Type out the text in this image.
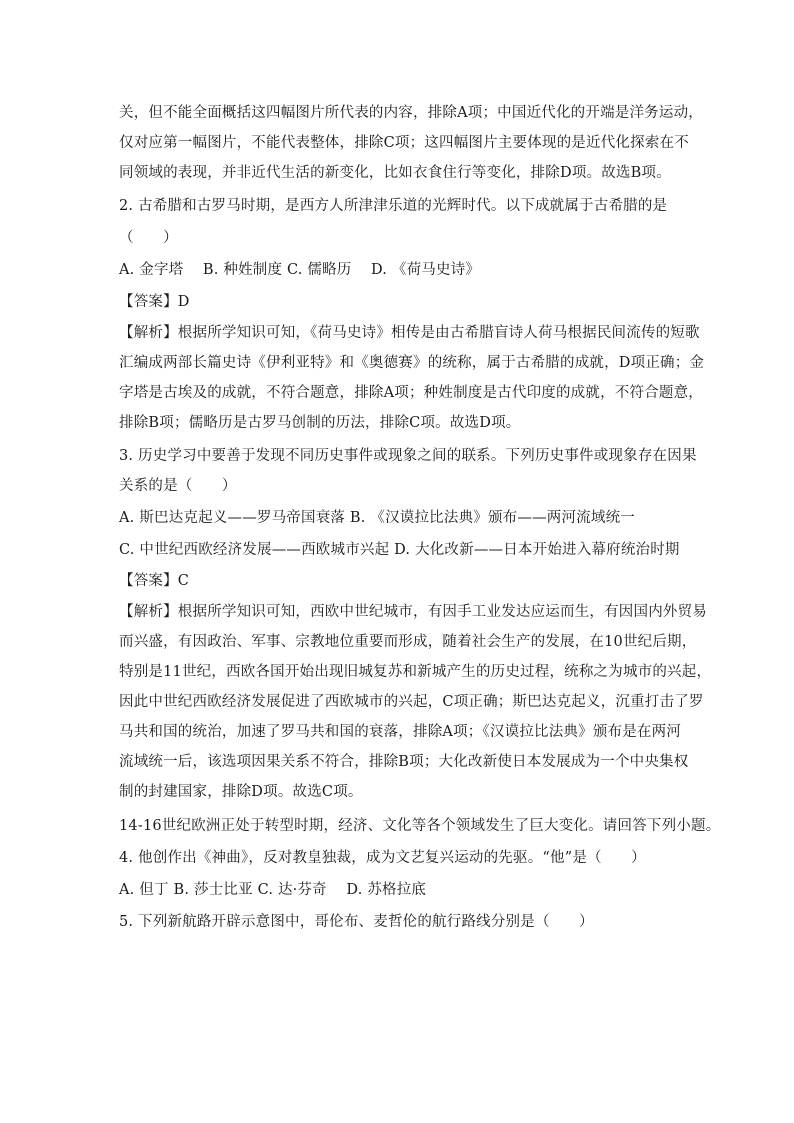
关，但不能全面概括这四幅图片所代表的内容，排除A项；中国近代化的开端是洋务运动，
仅对应第一幅图片，不能代表整体，排除C项；这四幅图片主要体现的是近代化探索在不
同领域的表现，并非近代生活的新变化，比如衣食住行等变化，排除D项。故选B项。
2. 古希腊和古罗马时期，是西方人所津津乐道的光辉时代。以下成就属于古希腊的是
（　　）
A. 金字塔　 B. 种姓制度 C. 儒略历　 D. 《荷马史诗》
【答案】D
【解析】根据所学知识可知，《荷马史诗》相传是由古希腊盲诗人荷马根据民间流传的短歌
汇编成两部长篇史诗《伊利亚特》和《奥德赛》的统称，属于古希腊的成就，D项正确；金
字塔是古埃及的成就，不符合题意，排除A项；种姓制度是古代印度的成就，不符合题意，
排除B项；儒略历是古罗马创制的历法，排除C项。故选D项。
3. 历史学习中要善于发现不同历史事件或现象之间的联系。下列历史事件或现象存在因果
关系的是（　　）
A. 斯巴达克起义——罗马帝国衰落 B. 《汉谟拉比法典》颁布——两河流域统一
C. 中世纪西欧经济发展——西欧城市兴起 D. 大化改新——日本开始进入幕府统治时期
【答案】C
【解析】根据所学知识可知，西欧中世纪城市，有因手工业发达应运而生，有因国内外贸易
而兴盛，有因政治、军事、宗教地位重要而形成，随着社会生产的发展，在10世纪后期，
特别是11世纪，西欧各国开始出现旧城复苏和新城产生的历史过程，统称之为城市的兴起，
因此中世纪西欧经济发展促进了西欧城市的兴起，C项正确；斯巴达克起义，沉重打击了罗
马共和国的统治，加速了罗马共和国的衰落，排除A项；《汉谟拉比法典》颁布是在两河
流域统一后，该选项因果关系不符合，排除B项；大化改新使日本发展成为一个中央集权
制的封建国家，排除D项。故选C项。
14-16世纪欧洲正处于转型时期，经济、文化等各个领域发生了巨大变化。请回答下列小题。
4. 他创作出《神曲》，反对教皇独裁，成为文艺复兴运动的先驱。“他”是（　　）
A. 但丁 B. 莎士比亚 C. 达·芬奇　 D. 苏格拉底
5. 下列新航路开辟示意图中，哥伦布、麦哲伦的航行路线分别是（　　）
